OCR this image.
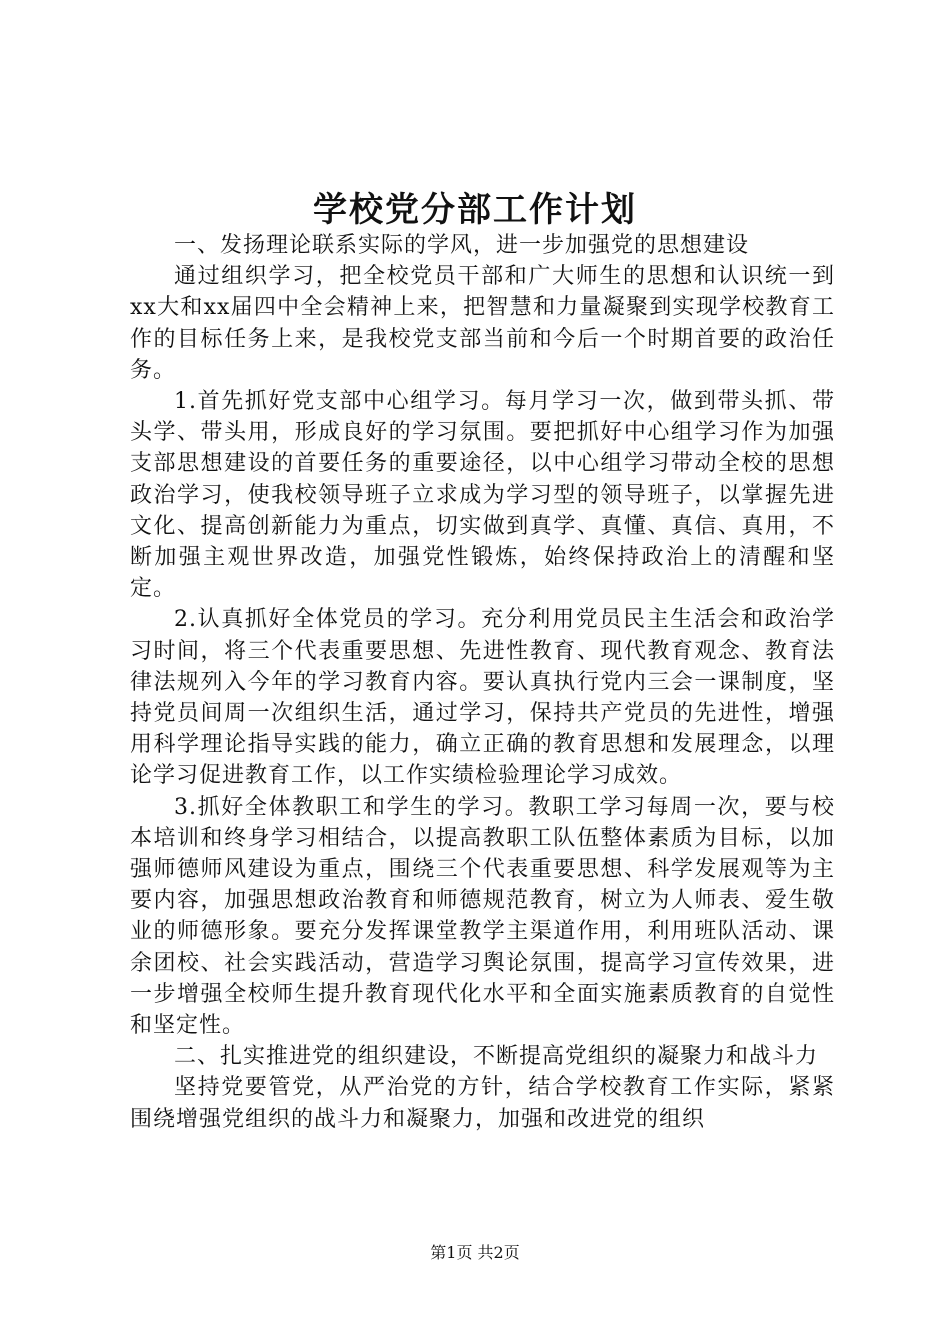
学校党分部工作计划

一、发扬理论联系实际的学风，进一步加强党的思想建设

通过组织学习，把全校党员干部和广大师生的思想和认识统一到xx大和xx届四中全会精神上来，把智慧和力量凝聚到实现学校教育工作的目标任务上来，是我校党支部当前和今后一个时期首要的政治任务。

1.首先抓好党支部中心组学习。每月学习一次，做到带头抓、带头学、带头用，形成良好的学习氛围。要把抓好中心组学习作为加强支部思想建设的首要任务的重要途径，以中心组学习带动全校的思想政治学习，使我校领导班子立求成为学习型的领导班子，以掌握先进文化、提高创新能力为重点，切实做到真学、真懂、真信、真用，不断加强主观世界改造，加强党性锻炼，始终保持政治上的清醒和坚定。

2.认真抓好全体党员的学习。充分利用党员民主生活会和政治学习时间，将三个代表重要思想、先进性教育、现代教育观念、教育法律法规列入今年的学习教育内容。要认真执行党内三会一课制度，坚持党员间周一次组织生活，通过学习，保持共产党员的先进性，增强用科学理论指导实践的能力，确立正确的教育思想和发展理念，以理论学习促进教育工作，以工作实绩检验理论学习成效。

3.抓好全体教职工和学生的学习。教职工学习每周一次，要与校本培训和终身学习相结合，以提高教职工队伍整体素质为目标，以加强师德师风建设为重点，围绕三个代表重要思想、科学发展观等为主要内容，加强思想政治教育和师德规范教育，树立为人师表、爱生敬业的师德形象。要充分发挥课堂教学主渠道作用，利用班队活动、课余团校、社会实践活动，营造学习舆论氛围，提高学习宣传效果，进一步增强全校师生提升教育现代化水平和全面实施素质教育的自觉性和坚定性。

二、扎实推进党的组织建设，不断提高党组织的凝聚力和战斗力

坚持党要管党，从严治党的方针，结合学校教育工作实际，紧紧围绕增强党组织的战斗力和凝聚力，加强和改进党的组织

第1页 共2页
